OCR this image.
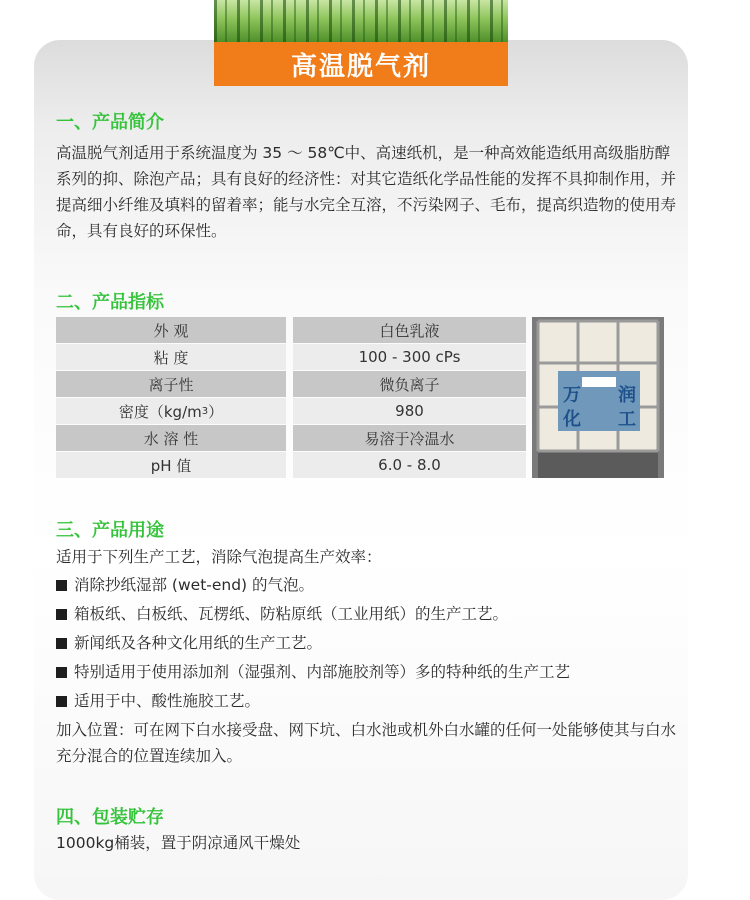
高温脱气剂
一、产品简介

高温脱气剂适用于系统温度为 35 ～ 58℃中、高速纸机，是一种高效能造纸用高级脂肪醇系列的抑、除泡产品；具有良好的经济性：对其它造纸化学品性能的发挥不具抑制作用，并提高细小纤维及填料的留着率；能与水完全互溶，不污染网子、毛布，提高织造物的使用寿命，具有良好的环保性。

二、产品指标
外 观	白色乳液
粘 度	100 - 300 cPs
离子性	微负离子
密度（kg/m 3 ）	980
水 溶 性	易溶于冷温水
pH 值	6.0 - 8.0
万 润
化 工
三、产品用途
适用于下列生产工艺，消除气泡提高生产效率：
消除抄纸湿部 (wet-end) 的气泡。
箱板纸、白板纸、瓦楞纸、防粘原纸（工业用纸）的生产工艺。
新闻纸及各种文化用纸的生产工艺。
特别适用于使用添加剂（湿强剂、内部施胶剂等）多的特种纸的生产工艺
适用于中、酸性施胶工艺。

加入位置：可在网下白水接受盘、网下坑、白水池或机外白水罐的任何一处能够使其与白水充分混合的位置连续加入。

四、包装贮存
1000kg桶装，置于阴凉通风干燥处
